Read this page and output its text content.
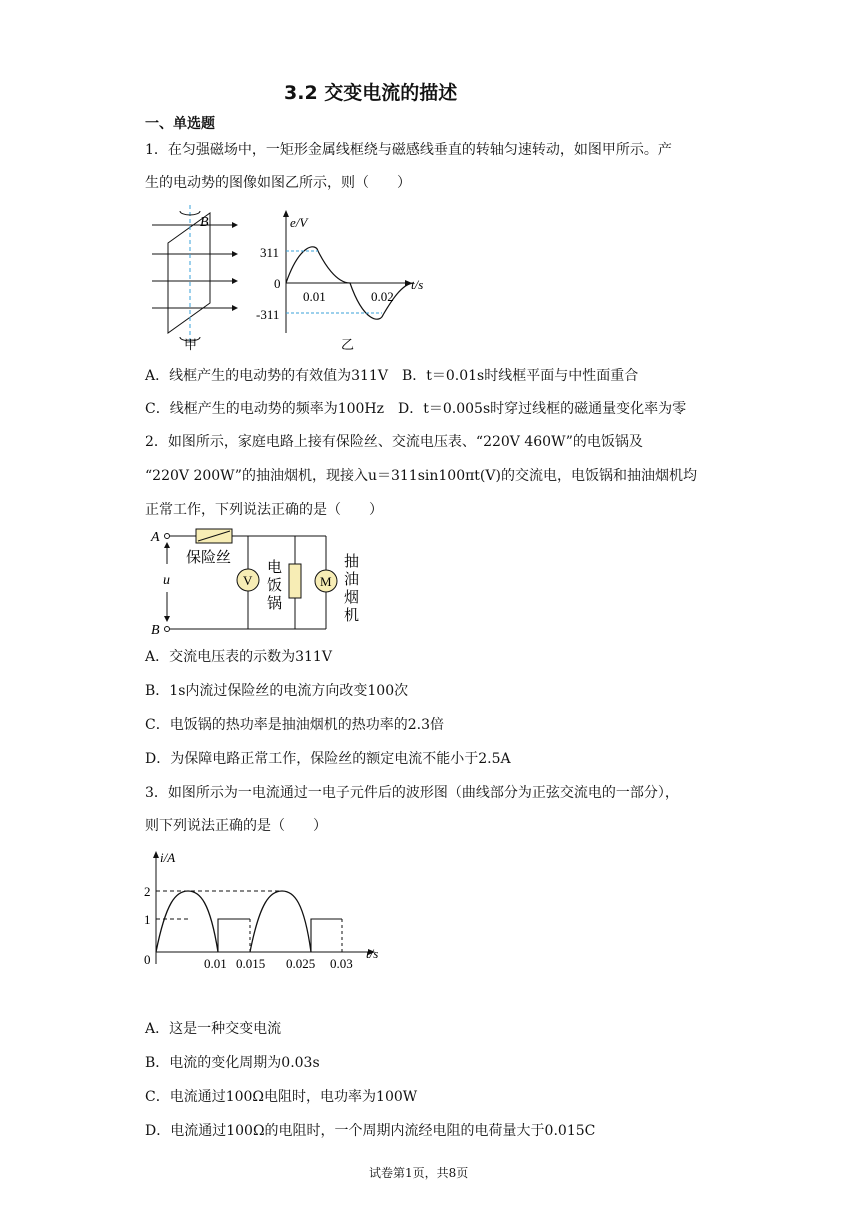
3.2 交变电流的描述
一、单选题
1．在匀强磁场中，一矩形金属线框绕与磁感线垂直的转轴匀速转动，如图甲所示。产
生的电动势的图像如图乙所示，则（　　）
B
甲
e/V
t/s
311
0
-311
0.01	0.02
乙
A．线框产生的电动势的有效值为311V　B．t＝0.01s时线框平面与中性面重合
C．线框产生的电动势的频率为100Hz　D．t＝0.005s时穿过线框的磁通量变化率为零
2．如图所示，家庭电路上接有保险丝、交流电压表、“220V 460W”的电饭锅及
“220V 200W”的抽油烟机，现接入u＝311sin100πt(V)的交流电，电饭锅和抽油烟机均
正常工作，下列说法正确的是（　　）
A
B
u
保险丝
V	M
电
饭
锅
抽
油
烟
机
A．交流电压表的示数为311V
B．1s内流过保险丝的电流方向改变100次
C．电饭锅的热功率是抽油烟机的热功率的2.3倍
D．为保障电路正常工作，保险丝的额定电流不能小于2.5A
3．如图所示为一电流通过一电子元件后的波形图（曲线部分为正弦交流电的一部分），
则下列说法正确的是（　　）
i/A
t/s
2
1
0	0.01 0.015 0.025 0.03
A．这是一种交变电流
B．电流的变化周期为0.03s
C．电流通过100Ω电阻时，电功率为100W
D．电流通过100Ω的电阻时，一个周期内流经电阻的电荷量大于0.015C
试卷第1页，共8页
